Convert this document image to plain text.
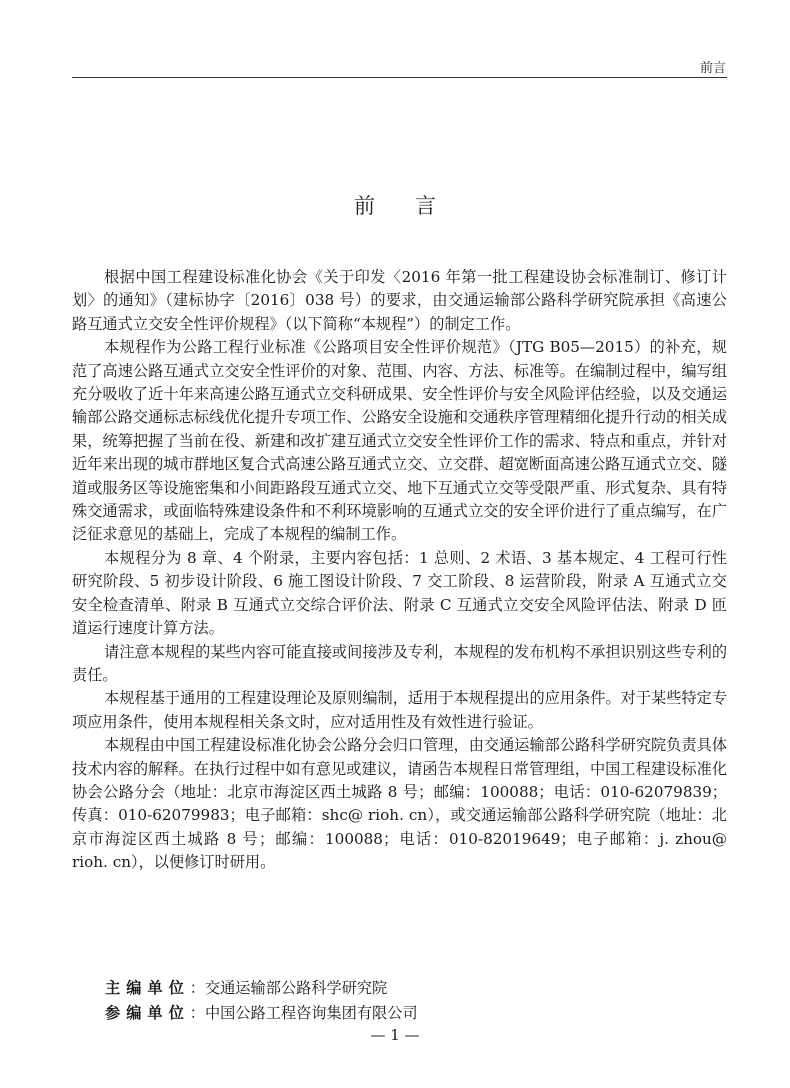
前言
前言

根据中国工程建设标准化协会《关于印发〈2016 年第一批工程建设协会标准制订、修订计划〉的通知》（建标协字〔2016〕038 号）的要求，由交通运输部公路科学研究院承担《高速公路互通式立交安全性评价规程》（以下简称“本规程”）的制定工作。

本规程作为公路工程行业标准《公路项目安全性评价规范》（JTG B05—2015）的补充，规范了高速公路互通式立交安全性评价的对象、范围、内容、方法、标准等。在编制过程中，编写组充分吸收了近十年来高速公路互通式立交科研成果、安全性评价与安全风险评估经验，以及交通运输部公路交通标志标线优化提升专项工作、公路安全设施和交通秩序管理精细化提升行动的相关成果，统筹把握了当前在役、新建和改扩建互通式立交安全性评价工作的需求、特点和重点，并针对近年来出现的城市群地区复合式高速公路互通式立交、立交群、超宽断面高速公路互通式立交、隧道或服务区等设施密集和小间距路段互通式立交、地下互通式立交等受限严重、形式复杂、具有特殊交通需求，或面临特殊建设条件和不利环境影响的互通式立交的安全评价进行了重点编写，在广泛征求意见的基础上，完成了本规程的编制工作。

本规程分为 8 章、4 个附录，主要内容包括：1 总则、2 术语、3 基本规定、4 工程可行性研究阶段、5 初步设计阶段、6 施工图设计阶段、7 交工阶段、8 运营阶段，附录 A 互通式立交安全检查清单、附录 B 互通式立交综合评价法、附录 C 互通式立交安全风险评估法、附录 D 匝道运行速度计算方法。

请注意本规程的某些内容可能直接或间接涉及专利，本规程的发布机构不承担识别这些专利的责任。

本规程基于通用的工程建设理论及原则编制，适用于本规程提出的应用条件。对于某些特定专项应用条件，使用本规程相关条文时，应对适用性及有效性进行验证。

本规程由中国工程建设标准化协会公路分会归口管理，由交通运输部公路科学研究院负责具体技术内容的解释。在执行过程中如有意见或建议，请函告本规程日常管理组，中国工程建设标准化协会公路分会（地址：北京市海淀区西土城路 8 号；邮编：100088；电话：010-62079839；传真：010-62079983；电子邮箱：shc@ rioh. cn），或交通运输部公路科学研究院（地址：北京市海淀区西土城路 8 号；邮编：100088；电话：010-82019649；电子邮箱：j. zhou@ rioh. cn），以便修订时研用。

主编单位：交通运输部公路科学研究院
参编单位：中国公路工程咨询集团有限公司
— 1 —
